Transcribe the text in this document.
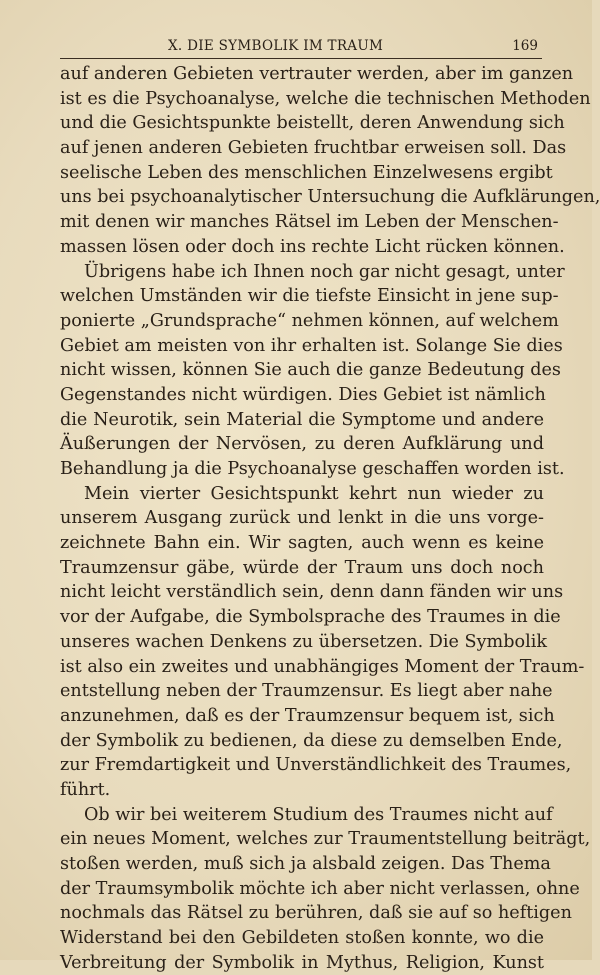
X. DIE SYMBOLIK IM TRAUM	169
auf anderen Gebieten vertrauter werden, aber im ganzen
ist es die Psychoanalyse, welche die technischen Methoden
und die Gesichtspunkte beistellt, deren Anwendung sich
auf jenen anderen Gebieten fruchtbar erweisen soll. Das
seelische Leben des menschlichen Einzelwesens ergibt
uns bei psychoanalytischer Untersuchung die Aufklärungen,
mit denen wir manches Rätsel im Leben der Menschen-
massen lösen oder doch ins rechte Licht rücken können.
Übrigens habe ich Ihnen noch gar nicht gesagt, unter
welchen Umständen wir die tiefste Einsicht in jene sup-
ponierte „Grundsprache“ nehmen können, auf welchem
Gebiet am meisten von ihr erhalten ist. Solange Sie dies
nicht wissen, können Sie auch die ganze Bedeutung des
Gegenstandes nicht würdigen. Dies Gebiet ist nämlich
die Neurotik, sein Material die Symptome und andere
Äußerungen der Nervösen, zu deren Aufklärung und
Behandlung ja die Psychoanalyse geschaffen worden ist.
Mein vierter Gesichtspunkt kehrt nun wieder zu
unserem Ausgang zurück und lenkt in die uns vorge-
zeichnete Bahn ein. Wir sagten, auch wenn es keine
Traumzensur gäbe, würde der Traum uns doch noch
nicht leicht verständlich sein, denn dann fänden wir uns
vor der Aufgabe, die Symbolsprache des Traumes in die
unseres wachen Denkens zu übersetzen. Die Symbolik
ist also ein zweites und unabhängiges Moment der Traum-
entstellung neben der Traumzensur. Es liegt aber nahe
anzunehmen, daß es der Traumzensur bequem ist, sich
der Symbolik zu bedienen, da diese zu demselben Ende,
zur Fremdartigkeit und Unverständlichkeit des Traumes,
führt.
Ob wir bei weiterem Studium des Traumes nicht auf
ein neues Moment, welches zur Traumentstellung beiträgt,
stoßen werden, muß sich ja alsbald zeigen. Das Thema
der Traumsymbolik möchte ich aber nicht verlassen, ohne
nochmals das Rätsel zu berühren, daß sie auf so heftigen
Widerstand bei den Gebildeten stoßen konnte, wo die
Verbreitung der Symbolik in Mythus, Religion, Kunst
